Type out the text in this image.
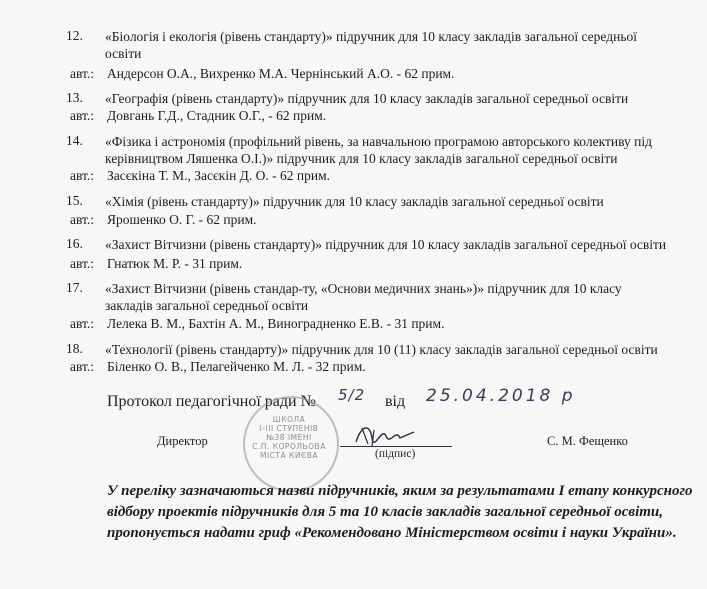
12. «Біологія і екологія (рівень стандарту)» підручник для 10 класу закладів загальної середньої
освіти
авт.: Андерсон О.А., Вихренко М.А. Чернінський А.О. - 62 прим.
13. «Географія (рівень стандарту)» підручник для 10 класу закладів загальної середньої освіти
авт.: Довгань Г.Д., Стадник О.Г., - 62 прим.
14. «Фізика і астрономія (профільний рівень, за навчальною програмою авторського колективу під
керівництвом Ляшенка О.І.)» підручник для 10 класу закладів загальної середньої освіти
авт.: Засєкіна Т. М., Засєкін Д. О. - 62 прим.
15. «Хімія (рівень стандарту)» підручник для 10 класу закладів загальної середньої освіти
авт.: Ярошенко О. Г. - 62 прим.
16. «Захист Вітчизни (рівень стандарту)» підручник для 10 класу закладів загальної середньої освіти
авт.: Гнатюк М. Р. - 31 прим.
17. «Захист Вітчизни (рівень стандар-ту, «Основи медичних знань»)» підручник для 10 класу
закладів загальної середньої освіти
авт.: Лелека В. М., Бахтін А. М., Виноградненко Е.В. - 31 прим.
18. «Технології (рівень стандарту)» підручник для 10 (11) класу закладів загальної середньої освіти
авт.: Біленко О. В., Пелагейченко М. Л. - 32 прим.
Протокол педагогічної ради № 5/2 від 25.04.2018 р
ШКОЛА
І-ІІІ СТУПЕНІВ
№38 ІМЕНІ
С.П. КОРОЛЬОВА
МІСТА КИЄВА
Директор
(підпис)
С. М. Фещенко
У переліку зазначаються назви підручників, яким за результатами I етапу конкурсного відбору проектів підручників для 5 та 10 класів закладів загальної середньої освіти, пропонується надати гриф «Рекомендовано Міністерством освіти і науки України».
